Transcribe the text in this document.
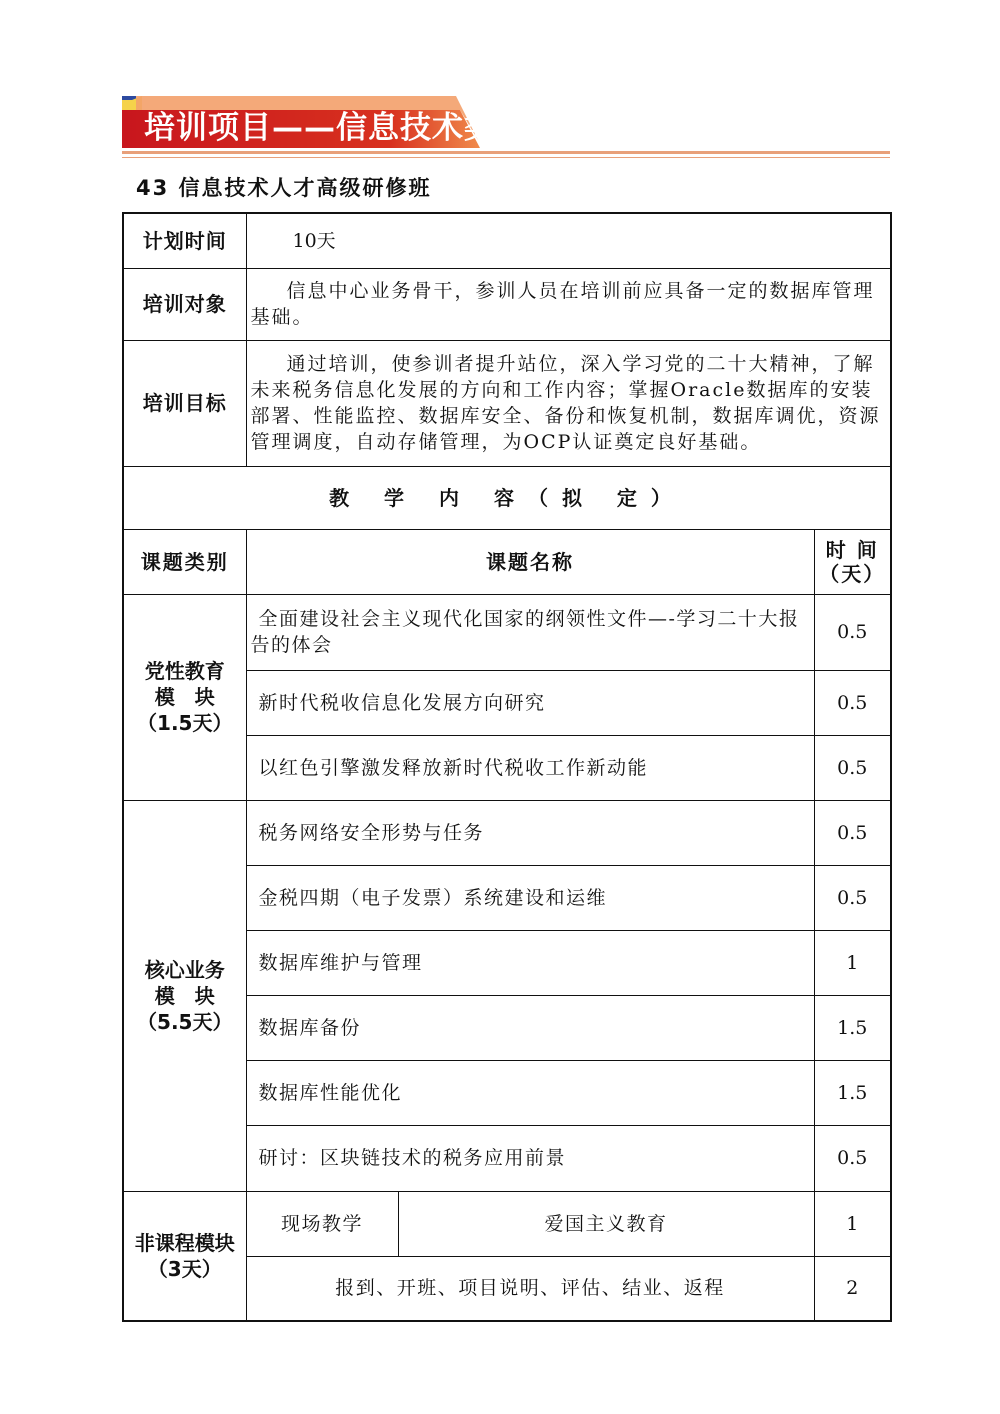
培训项目——信息技术类
43 信息技术人才高级研修班
计划时间	10天		
培训对象	信息中心业务骨干，参训人员在培训前应具备一定的数据库管理基础。		
培训目标	通过培训，使参训者提升站位，深入学习党的二十大精神，了解未来税务信息化发展的方向和工作内容；掌握Oracle数据库的安装部署、性能监控、数据库安全、备份和恢复机制，数据库调优，资源管理调度，自动存储管理，为OCP认证奠定良好基础。		
教 学 内 容（拟 定）			
课题类别	课题名称		时 间
（天）

党性教育
模　块
（1.5天）	全面建设社会主义现代化国家的纲领性文件—-学习二十大报告的体会		0.5
	新时代税收信息化发展方向研究		0.5
	以红色引擎激发释放新时代税收工作新动能		0.5

核心业务
模　块
（5.5天）	税务网络安全形势与任务		0.5
	金税四期（电子发票）系统建设和运维		0.5
	数据库维护与管理		1
	数据库备份		1.5
	数据库性能优化		1.5
	研讨：区块链技术的税务应用前景		0.5

非课程模块
（3天）	现场教学	爱国主义教育	1
	报到、开班、项目说明、评估、结业、返程		2
